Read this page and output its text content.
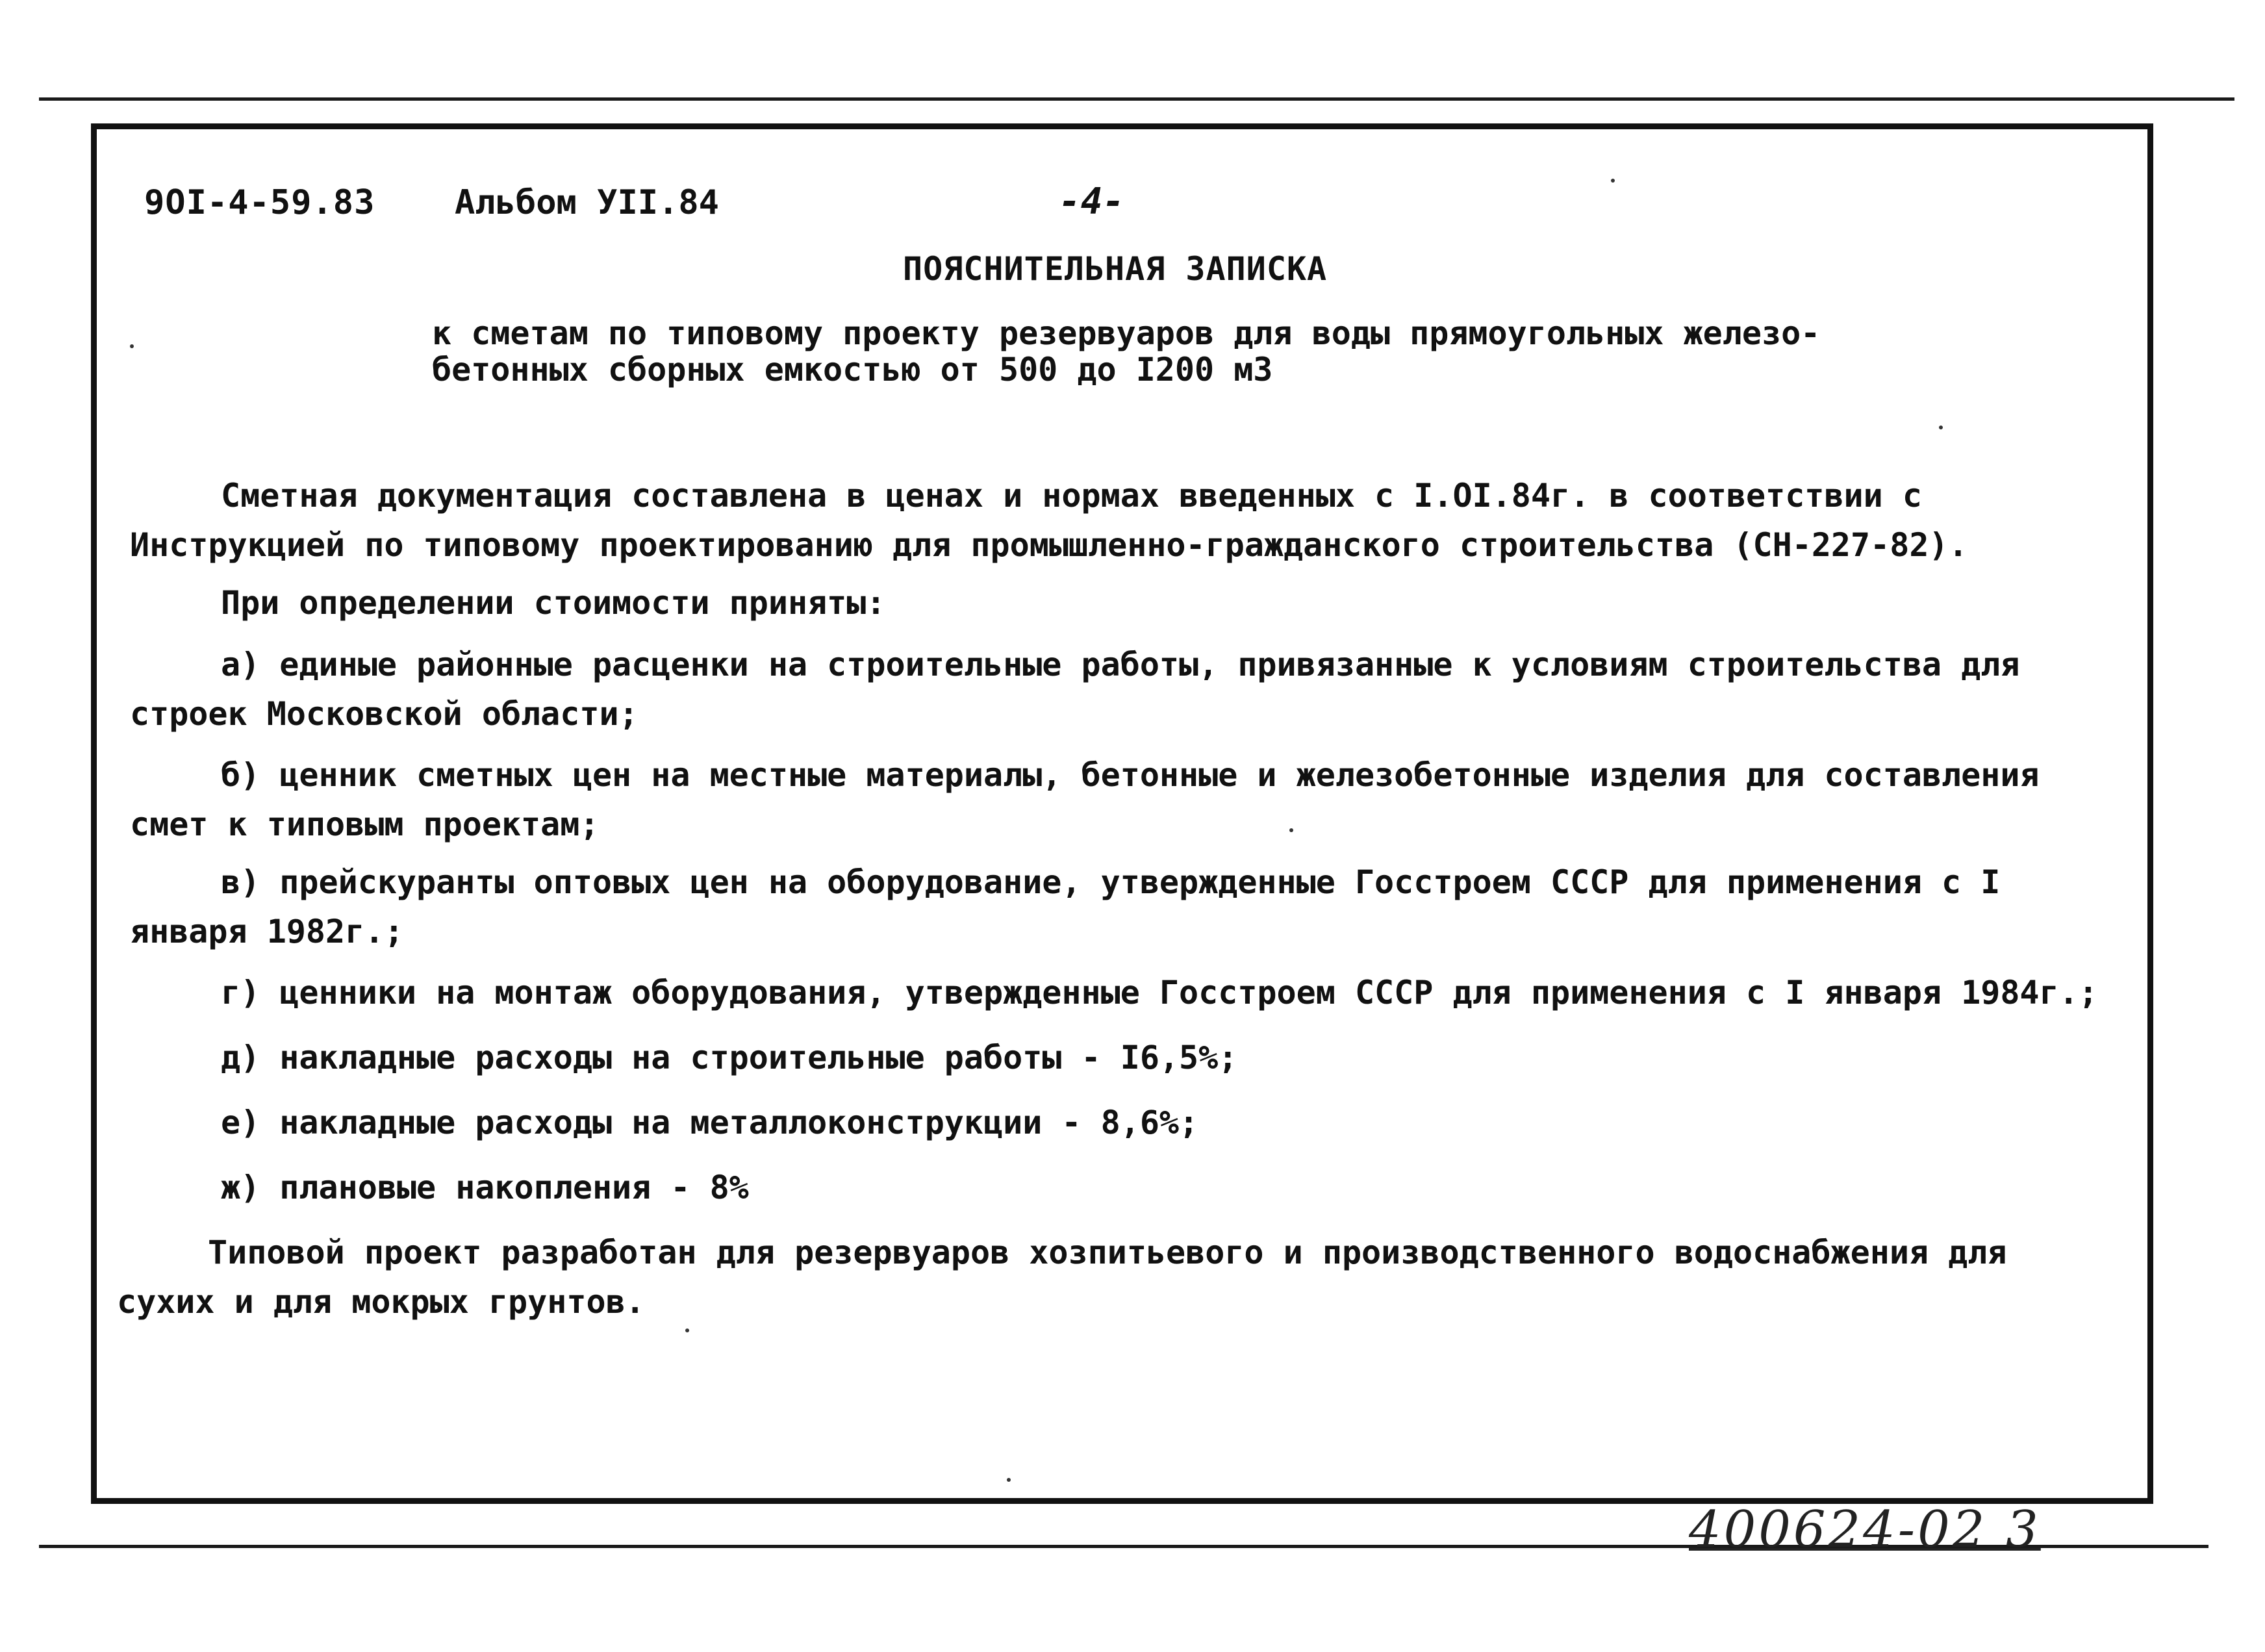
9OI-4-59.83 Альбом УII.84	-4-
ПОЯСНИТЕЛЬНАЯ ЗАПИСКА
к сметам по типовому проекту резервуаров для воды прямоугольных железо-
бетонных сборных емкостью от 500 до I200 м3
Сметная документация составлена в ценах и нормах введенных с I.OI.84г. в соответствии с Инструкцией по типовому проектированию для промышленно-гражданского строительства (СН-227-82).
При определении стоимости приняты:
а) единые районные расценки на строительные работы, привязанные к условиям строительства для строек Московской области;
б) ценник сметных цен на местные материалы, бетонные и железобетонные изделия для составления смет к типовым проектам;
в) прейскуранты оптовых цен на оборудование, утвержденные Госстроем СССР для применения с I января 1982г.;
г) ценники на монтаж оборудования, утвержденные Госстроем СССР для применения с I января 1984г.;
д) накладные расходы на строительные работы - I6,5%;
е) накладные расходы на металлоконструкции - 8,6%;
ж) плановые накопления - 8%
Типовой проект разработан для резервуаров хозпитьевого и производственного водоснабжения для сухих и для мокрых грунтов.
400624-02 3
